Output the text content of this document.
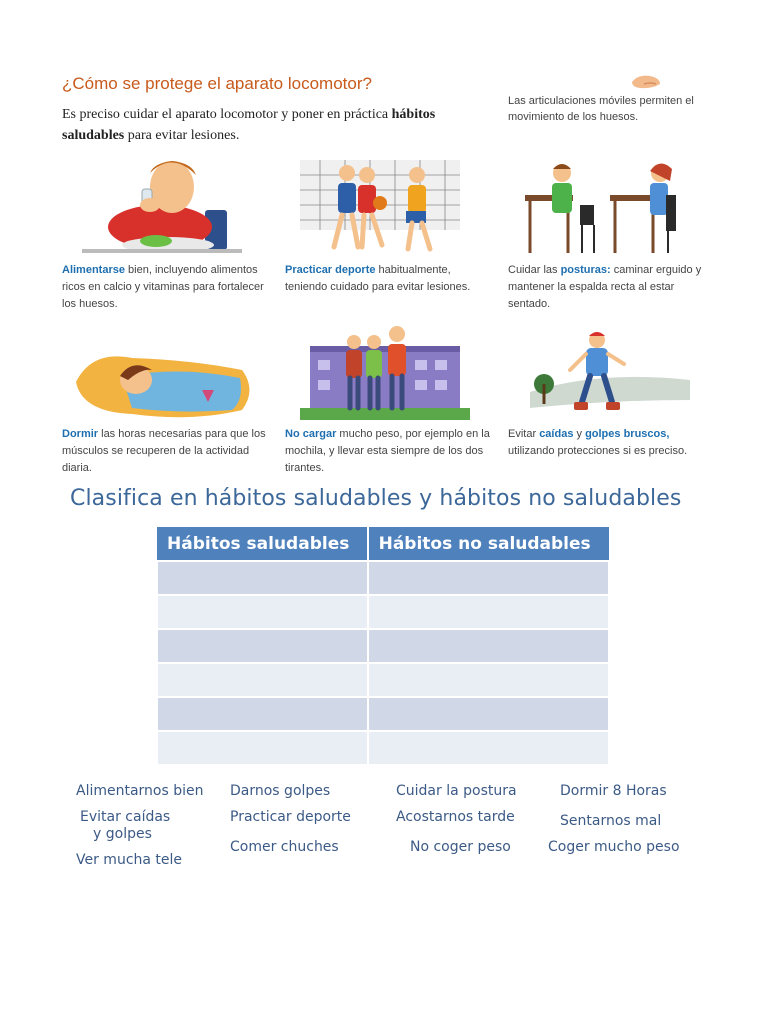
¿Cómo se protege el aparato locomotor?

Es preciso cuidar el aparato locomotor y poner en práctica hábitos saludables para evitar lesiones.

Las articulaciones móviles permiten el movimiento de los huesos.
Alimentarse bien, incluyendo alimentos ricos en calcio y vitaminas para fortalecer los huesos.
Practicar deporte habitualmente, teniendo cuidado para evitar lesiones.
Cuidar las posturas: caminar erguido y mantener la espalda recta al estar sentado.
Dormir las horas necesarias para que los músculos se recuperen de la actividad diaria.
No cargar mucho peso, por ejemplo en la mochila, y llevar esta siempre de los dos tirantes.
Evitar caídas y golpes bruscos, utilizando protecciones si es preciso.
Clasifica en hábitos saludables y hábitos no saludables
Hábitos saludables	Hábitos no saludables

Alimentarnos bien Darnos golpes	Cuidar la postura	Dormir 8 Horas
Evitar caídas
y golpes
Practicar deporte	Acostarnos tarde	Sentarnos mal
Comer chuches	No coger peso	Coger mucho peso
Ver mucha tele
